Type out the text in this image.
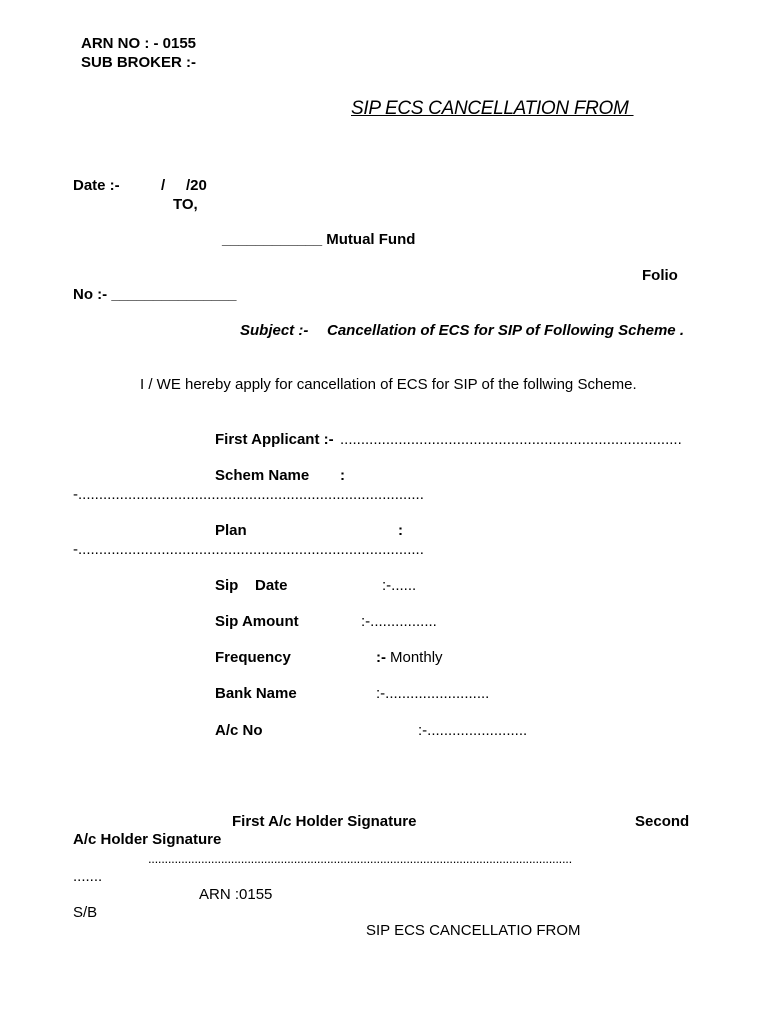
ARN NO : - 0155
SUB BROKER :-
SIP ECS CANCELLATION FROM
Date :-	/     /20
TO,
____________ Mutual Fund
Folio
No :- _______________
Subject :- Cancellation of ECS for SIP of Following Scheme .
I / WE hereby apply for cancellation of ECS for SIP of the follwing Scheme.
First Applicant :- ..................................................................................
Schem Name :
-...................................................................................
Plan	:
-...................................................................................
Sip    Date	:-......
Sip Amount	:-................
Frequency	:- Monthly
Bank Name	:-.........................
A/c No	:-........................
First A/c Holder Signature	Second
A/c Holder Signature
................................................................................................................................
.......
ARN :0155
S/B
SIP ECS CANCELLATIO FROM
